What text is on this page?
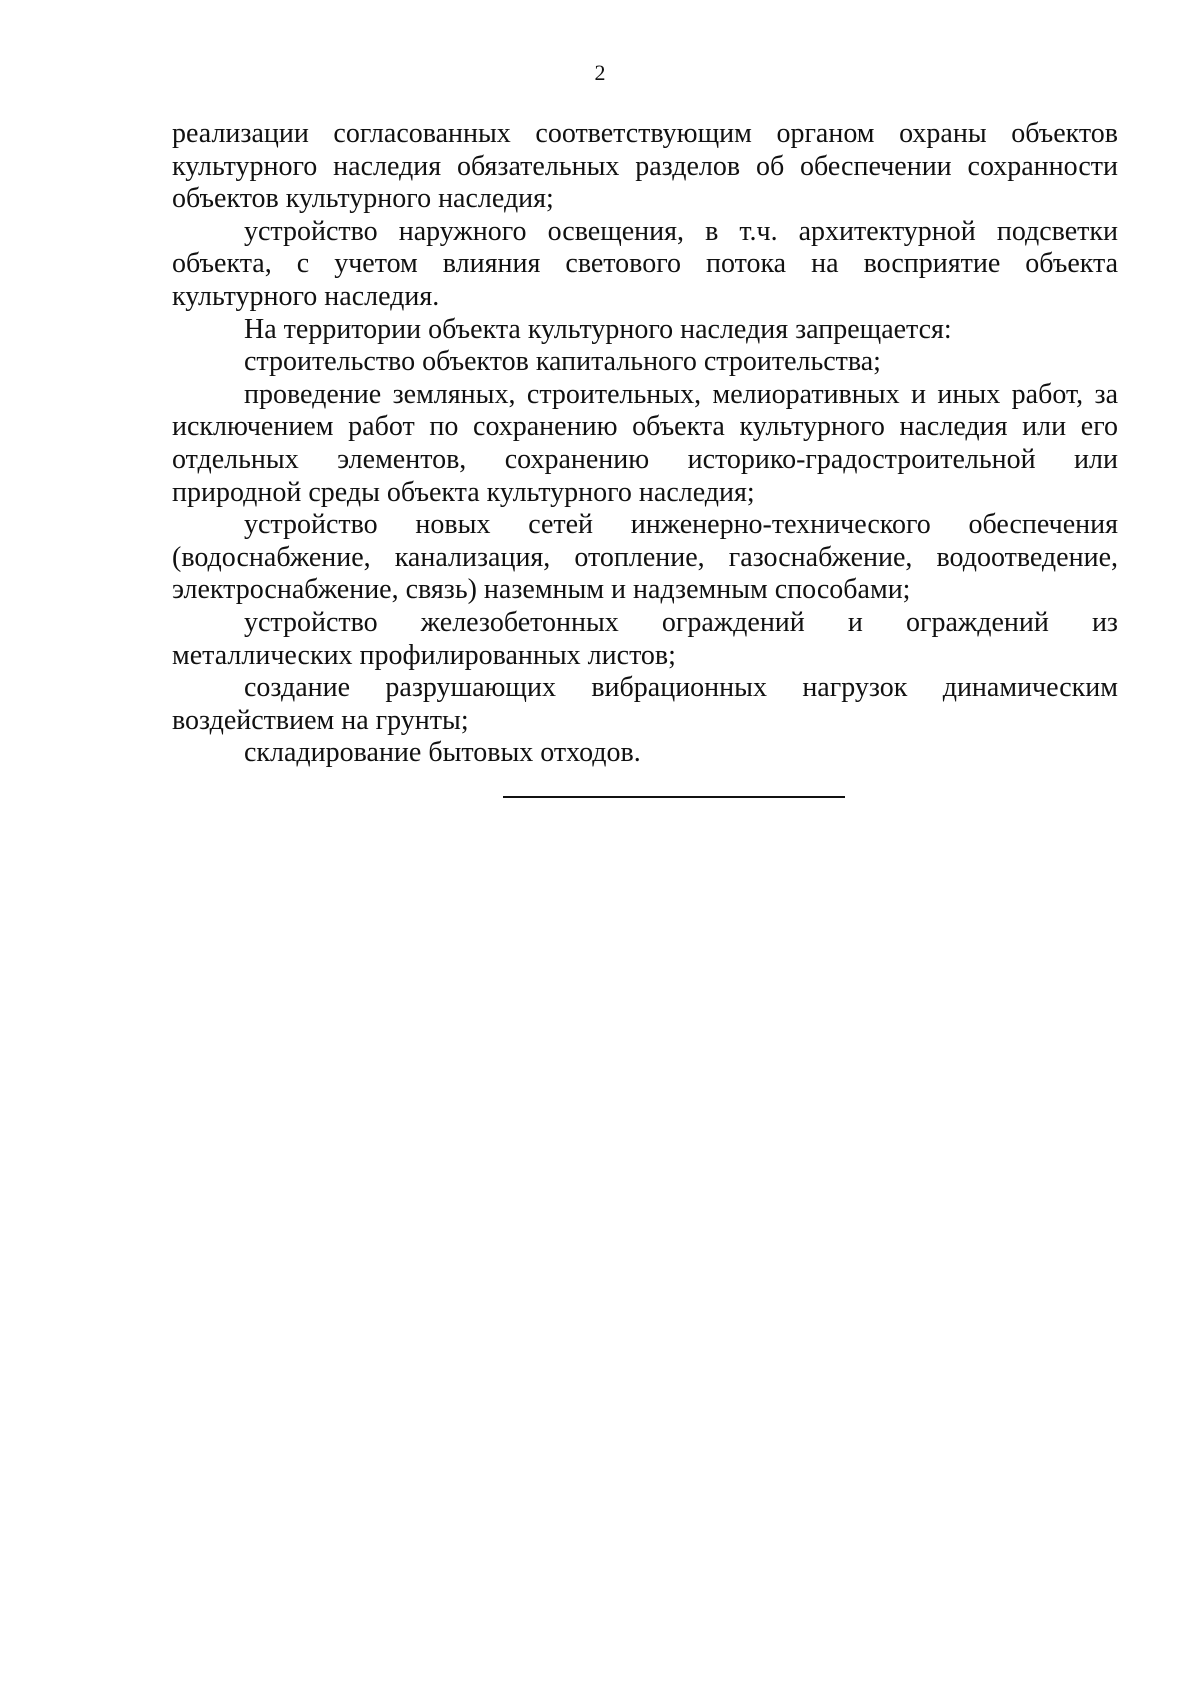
2

реализации согласованных соответствующим органом охраны объектов культурного наследия обязательных разделов об обеспечении сохранности объектов культурного наследия;

устройство наружного освещения, в т.ч. архитектурной подсветки объекта, с учетом влияния светового потока на восприятие объекта культурного наследия.

На территории объекта культурного наследия запрещается:

строительство объектов капитального строительства;

проведение земляных, строительных, мелиоративных и иных работ, за исключением работ по сохранению объекта культурного наследия или его отдельных элементов, сохранению историко-градостроительной или природной среды объекта культурного наследия;

устройство новых сетей инженерно-технического обеспечения (водоснабжение, канализация, отопление, газоснабжение, водоотведение, электроснабжение, связь) наземным и надземным способами;

устройство железобетонных ограждений и ограждений из металлических профилированных листов;

создание разрушающих вибрационных нагрузок динамическим воздействием на грунты;

складирование бытовых отходов.
